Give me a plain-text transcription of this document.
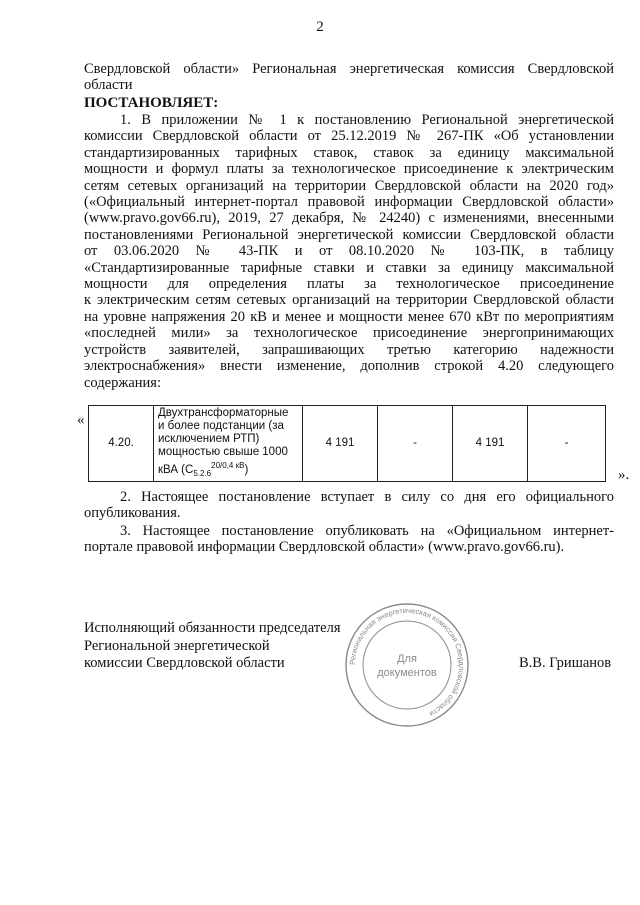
2

Свердловской области» Региональная энергетическая комиссия Свердловской

области

ПОСТАНОВЛЯЕТ:

1. В приложении № 1 к постановлению Региональной энергетической

комиссии Свердловской области от 25.12.2019 № 267-ПК «Об установлении

стандартизированных тарифных ставок, ставок за единицу максимальной

мощности и формул платы за технологическое присоединение к электрическим

сетям сетевых организаций на территории Свердловской области на 2020 год»

(«Официальный интернет-портал правовой информации Свердловской области»

(www.pravo.gov66.ru), 2019, 27 декабря, № 24240) с изменениями, внесенными

постановлениями Региональной энергетической комиссии Свердловской области

от 03.06.2020 № 43-ПК и от 08.10.2020 № 103-ПК, в таблицу

«Стандартизированные тарифные ставки и ставки за единицу максимальной

мощности для определения платы за технологическое присоединение

к электрическим сетям сетевых организаций на территории Свердловской области

на уровне напряжения 20 кВ и менее и мощности менее 670 кВт по мероприятиям

«последней мили» за технологическое присоединение энергопринимающих

устройств заявителей, запрашивающих третью категорию надежности

электроснабжения» внести изменение, дополнив строкой 4.20 следующего

содержания:

«
4.20.	Двухтрансформаторные и более подстанции (за исключением РТП) мощностью свыше 1000 кВА $(C_{5.2.6}^{20/0,4 кВ})$	4 191	-	4 191	-
».

2. Настоящее постановление вступает в силу со дня его официального

опубликования.

3. Настоящее постановление опубликовать на «Официальном интернет-

портале правовой информации Свердловской области» (www.pravo.gov66.ru).

Исполняющий обязанности председателя
Региональной энергетической
комиссии Свердловской области	В.В. Гришанов
Региональная энергетическая комиссия Свердловской области
Для
документов
